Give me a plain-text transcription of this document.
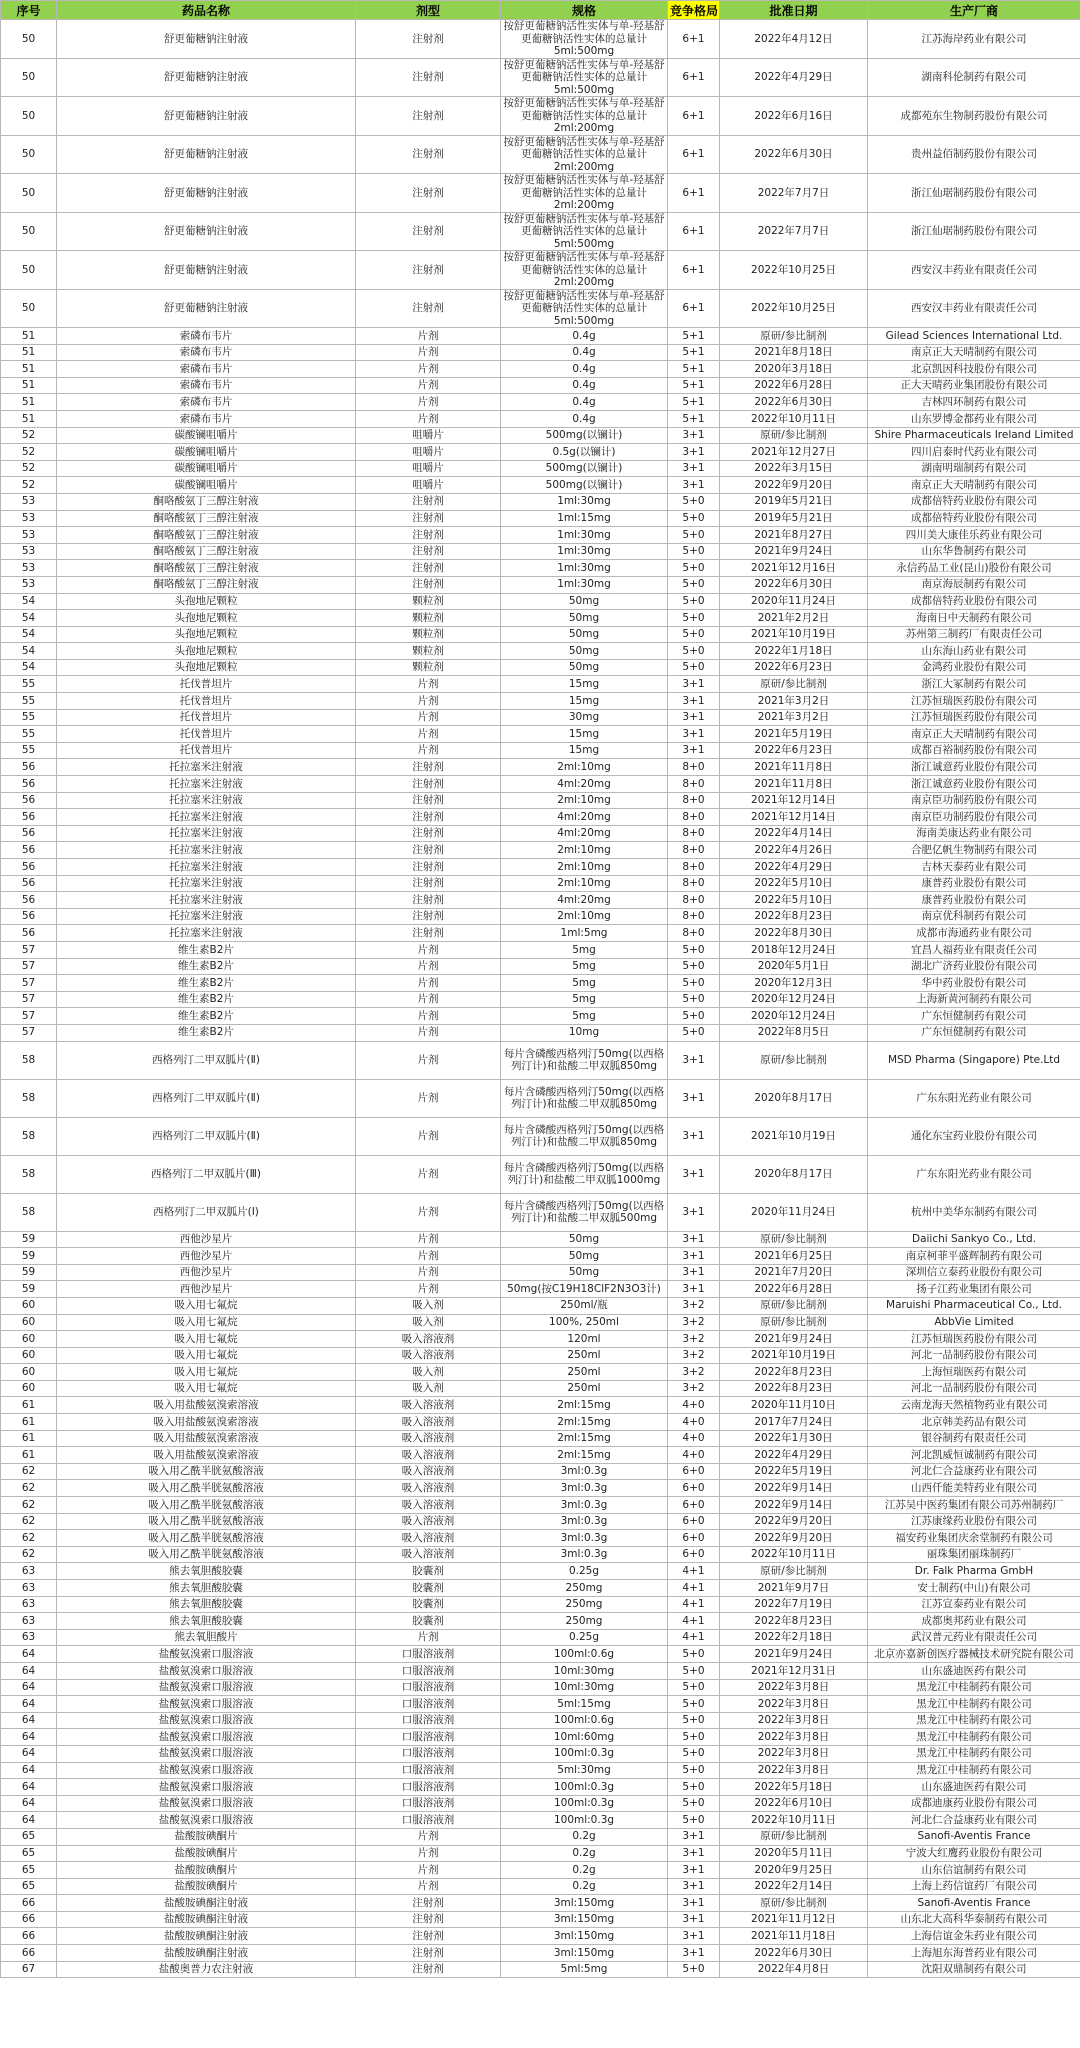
序号	药品名称	剂型	规格	竞争格局	批准日期	生产厂商
50	舒更葡糖钠注射液	注射剂	按舒更葡糖钠活性实体与单-羟基舒更葡糖钠活性实体的总量计5ml:500mg	6+1	2022年4月12日	江苏海岸药业有限公司
50	舒更葡糖钠注射液	注射剂	按舒更葡糖钠活性实体与单-羟基舒更葡糖钠活性实体的总量计5ml:500mg	6+1	2022年4月29日	湖南科伦制药有限公司
50	舒更葡糖钠注射液	注射剂	按舒更葡糖钠活性实体与单-羟基舒更葡糖钠活性实体的总量计2ml:200mg	6+1	2022年6月16日	成都苑东生物制药股份有限公司
50	舒更葡糖钠注射液	注射剂	按舒更葡糖钠活性实体与单-羟基舒更葡糖钠活性实体的总量计2ml:200mg	6+1	2022年6月30日	贵州益佰制药股份有限公司
50	舒更葡糖钠注射液	注射剂	按舒更葡糖钠活性实体与单-羟基舒更葡糖钠活性实体的总量计2ml:200mg	6+1	2022年7月7日	浙江仙琚制药股份有限公司
50	舒更葡糖钠注射液	注射剂	按舒更葡糖钠活性实体与单-羟基舒更葡糖钠活性实体的总量计5ml:500mg	6+1	2022年7月7日	浙江仙琚制药股份有限公司
50	舒更葡糖钠注射液	注射剂	按舒更葡糖钠活性实体与单-羟基舒更葡糖钠活性实体的总量计2ml:200mg	6+1	2022年10月25日	西安汉丰药业有限责任公司
50	舒更葡糖钠注射液	注射剂	按舒更葡糖钠活性实体与单-羟基舒更葡糖钠活性实体的总量计5ml:500mg	6+1	2022年10月25日	西安汉丰药业有限责任公司
51	索磷布韦片	片剂	0.4g	5+1	原研/参比制剂	Gilead Sciences International Ltd.
51	索磷布韦片	片剂	0.4g	5+1	2021年8月18日	南京正大天晴制药有限公司
51	索磷布韦片	片剂	0.4g	5+1	2020年3月18日	北京凯因科技股份有限公司
51	索磷布韦片	片剂	0.4g	5+1	2022年6月28日	正大天晴药业集团股份有限公司
51	索磷布韦片	片剂	0.4g	5+1	2022年6月30日	吉林四环制药有限公司
51	索磷布韦片	片剂	0.4g	5+1	2022年10月11日	山东罗博金都药业有限公司
52	碳酸镧咀嚼片	咀嚼片	500mg(以镧计)	3+1	原研/参比制剂	Shire Pharmaceuticals Ireland Limited
52	碳酸镧咀嚼片	咀嚼片	0.5g(以镧计)	3+1	2021年12月27日	四川启泰时代药业有限公司
52	碳酸镧咀嚼片	咀嚼片	500mg(以镧计)	3+1	2022年3月15日	湖南明瑞制药有限公司
52	碳酸镧咀嚼片	咀嚼片	500mg(以镧计)	3+1	2022年9月20日	南京正大天晴制药有限公司
53	酮咯酸氨丁三醇注射液	注射剂	1ml:30mg	5+0	2019年5月21日	成都倍特药业股份有限公司
53	酮咯酸氨丁三醇注射液	注射剂	1ml:15mg	5+0	2019年5月21日	成都倍特药业股份有限公司
53	酮咯酸氨丁三醇注射液	注射剂	1ml:30mg	5+0	2021年8月27日	四川美大康佳乐药业有限公司
53	酮咯酸氨丁三醇注射液	注射剂	1ml:30mg	5+0	2021年9月24日	山东华鲁制药有限公司
53	酮咯酸氨丁三醇注射液	注射剂	1ml:30mg	5+0	2021年12月16日	永信药品工业(昆山)股份有限公司
53	酮咯酸氨丁三醇注射液	注射剂	1ml:30mg	5+0	2022年6月30日	南京海辰制药有限公司
54	头孢地尼颗粒	颗粒剂	50mg	5+0	2020年11月24日	成都倍特药业股份有限公司
54	头孢地尼颗粒	颗粒剂	50mg	5+0	2021年2月2日	海南日中天制药有限公司
54	头孢地尼颗粒	颗粒剂	50mg	5+0	2021年10月19日	苏州第三制药厂有限责任公司
54	头孢地尼颗粒	颗粒剂	50mg	5+0	2022年1月18日	山东海山药业有限公司
54	头孢地尼颗粒	颗粒剂	50mg	5+0	2022年6月23日	金鸿药业股份有限公司
55	托伐普坦片	片剂	15mg	3+1	原研/参比制剂	浙江大冢制药有限公司
55	托伐普坦片	片剂	15mg	3+1	2021年3月2日	江苏恒瑞医药股份有限公司
55	托伐普坦片	片剂	30mg	3+1	2021年3月2日	江苏恒瑞医药股份有限公司
55	托伐普坦片	片剂	15mg	3+1	2021年5月19日	南京正大天晴制药有限公司
55	托伐普坦片	片剂	15mg	3+1	2022年6月23日	成都百裕制药股份有限公司
56	托拉塞米注射液	注射剂	2ml:10mg	8+0	2021年11月8日	浙江诚意药业股份有限公司
56	托拉塞米注射液	注射剂	4ml:20mg	8+0	2021年11月8日	浙江诚意药业股份有限公司
56	托拉塞米注射液	注射剂	2ml:10mg	8+0	2021年12月14日	南京臣功制药股份有限公司
56	托拉塞米注射液	注射剂	4ml:20mg	8+0	2021年12月14日	南京臣功制药股份有限公司
56	托拉塞米注射液	注射剂	4ml:20mg	8+0	2022年4月14日	海南美康达药业有限公司
56	托拉塞米注射液	注射剂	2ml:10mg	8+0	2022年4月26日	合肥亿帆生物制药有限公司
56	托拉塞米注射液	注射剂	2ml:10mg	8+0	2022年4月29日	吉林天泰药业有限公司
56	托拉塞米注射液	注射剂	2ml:10mg	8+0	2022年5月10日	康普药业股份有限公司
56	托拉塞米注射液	注射剂	4ml:20mg	8+0	2022年5月10日	康普药业股份有限公司
56	托拉塞米注射液	注射剂	2ml:10mg	8+0	2022年8月23日	南京优科制药有限公司
56	托拉塞米注射液	注射剂	1ml:5mg	8+0	2022年8月30日	成都市海通药业有限公司
57	维生素B2片	片剂	5mg	5+0	2018年12月24日	宜昌人福药业有限责任公司
57	维生素B2片	片剂	5mg	5+0	2020年5月1日	湖北广济药业股份有限公司
57	维生素B2片	片剂	5mg	5+0	2020年12月3日	华中药业股份有限公司
57	维生素B2片	片剂	5mg	5+0	2020年12月24日	上海新黄河制药有限公司
57	维生素B2片	片剂	5mg	5+0	2020年12月24日	广东恒健制药有限公司
57	维生素B2片	片剂	10mg	5+0	2022年8月5日	广东恒健制药有限公司
58	西格列汀二甲双胍片(Ⅱ)	片剂	每片含磷酸西格列汀50mg(以西格列汀计)和盐酸二甲双胍850mg	3+1	原研/参比制剂	MSD Pharma (Singapore) Pte.Ltd
58	西格列汀二甲双胍片(Ⅱ)	片剂	每片含磷酸西格列汀50mg(以西格列汀计)和盐酸二甲双胍850mg	3+1	2020年8月17日	广东东阳光药业有限公司
58	西格列汀二甲双胍片(Ⅱ)	片剂	每片含磷酸西格列汀50mg(以西格列汀计)和盐酸二甲双胍850mg	3+1	2021年10月19日	通化东宝药业股份有限公司
58	西格列汀二甲双胍片(Ⅲ)	片剂	每片含磷酸西格列汀50mg(以西格列汀计)和盐酸二甲双胍1000mg	3+1	2020年8月17日	广东东阳光药业有限公司
58	西格列汀二甲双胍片(Ⅰ)	片剂	每片含磷酸西格列汀50mg(以西格列汀计)和盐酸二甲双胍500mg	3+1	2020年11月24日	杭州中美华东制药有限公司
59	西他沙星片	片剂	50mg	3+1	原研/参比制剂	Daiichi Sankyo Co., Ltd.
59	西他沙星片	片剂	50mg	3+1	2021年6月25日	南京柯菲平盛辉制药有限公司
59	西他沙星片	片剂	50mg	3+1	2021年7月20日	深圳信立泰药业股份有限公司
59	西他沙星片	片剂	50mg(按C19H18ClF2N3O3计)	3+1	2022年6月28日	扬子江药业集团有限公司
60	吸入用七氟烷	吸入剂	250ml/瓶	3+2	原研/参比制剂	Maruishi Pharmaceutical Co., Ltd.
60	吸入用七氟烷	吸入剂	100%, 250ml	3+2	原研/参比制剂	AbbVie Limited
60	吸入用七氟烷	吸入溶液剂	120ml	3+2	2021年9月24日	江苏恒瑞医药股份有限公司
60	吸入用七氟烷	吸入溶液剂	250ml	3+2	2021年10月19日	河北一品制药股份有限公司
60	吸入用七氟烷	吸入剂	250ml	3+2	2022年8月23日	上海恒瑞医药有限公司
60	吸入用七氟烷	吸入剂	250ml	3+2	2022年8月23日	河北一品制药股份有限公司
61	吸入用盐酸氨溴索溶液	吸入溶液剂	2ml:15mg	4+0	2020年11月10日	云南龙海天然植物药业有限公司
61	吸入用盐酸氨溴索溶液	吸入溶液剂	2ml:15mg	4+0	2017年7月24日	北京韩美药品有限公司
61	吸入用盐酸氨溴索溶液	吸入溶液剂	2ml:15mg	4+0	2022年1月30日	银谷制药有限责任公司
61	吸入用盐酸氨溴索溶液	吸入溶液剂	2ml:15mg	4+0	2022年4月29日	河北凯威恒诚制药有限公司
62	吸入用乙酰半胱氨酸溶液	吸入溶液剂	3ml:0.3g	6+0	2022年5月19日	河北仁合益康药业有限公司
62	吸入用乙酰半胱氨酸溶液	吸入溶液剂	3ml:0.3g	6+0	2022年9月14日	山西仟能美特药业有限公司
62	吸入用乙酰半胱氨酸溶液	吸入溶液剂	3ml:0.3g	6+0	2022年9月14日	江苏吴中医药集团有限公司苏州制药厂
62	吸入用乙酰半胱氨酸溶液	吸入溶液剂	3ml:0.3g	6+0	2022年9月20日	江苏康缘药业股份有限公司
62	吸入用乙酰半胱氨酸溶液	吸入溶液剂	3ml:0.3g	6+0	2022年9月20日	福安药业集团庆余堂制药有限公司
62	吸入用乙酰半胱氨酸溶液	吸入溶液剂	3ml:0.3g	6+0	2022年10月11日	丽珠集团丽珠制药厂
63	熊去氧胆酸胶囊	胶囊剂	0.25g	4+1	原研/参比制剂	Dr. Falk Pharma GmbH
63	熊去氧胆酸胶囊	胶囊剂	250mg	4+1	2021年9月7日	安士制药(中山)有限公司
63	熊去氧胆酸胶囊	胶囊剂	250mg	4+1	2022年7月19日	江苏宣泰药业有限公司
63	熊去氧胆酸胶囊	胶囊剂	250mg	4+1	2022年8月23日	成都奥邦药业有限公司
63	熊去氧胆酸片	片剂	0.25g	4+1	2022年2月18日	武汉普元药业有限责任公司
64	盐酸氨溴索口服溶液	口服溶液剂	100ml:0.6g	5+0	2021年9月24日	北京亦嘉新创医疗器械技术研究院有限公司
64	盐酸氨溴索口服溶液	口服溶液剂	10ml:30mg	5+0	2021年12月31日	山东盛迪医药有限公司
64	盐酸氨溴索口服溶液	口服溶液剂	10ml:30mg	5+0	2022年3月8日	黑龙江中桂制药有限公司
64	盐酸氨溴索口服溶液	口服溶液剂	5ml:15mg	5+0	2022年3月8日	黑龙江中桂制药有限公司
64	盐酸氨溴索口服溶液	口服溶液剂	100ml:0.6g	5+0	2022年3月8日	黑龙江中桂制药有限公司
64	盐酸氨溴索口服溶液	口服溶液剂	10ml:60mg	5+0	2022年3月8日	黑龙江中桂制药有限公司
64	盐酸氨溴索口服溶液	口服溶液剂	100ml:0.3g	5+0	2022年3月8日	黑龙江中桂制药有限公司
64	盐酸氨溴索口服溶液	口服溶液剂	5ml:30mg	5+0	2022年3月8日	黑龙江中桂制药有限公司
64	盐酸氨溴索口服溶液	口服溶液剂	100ml:0.3g	5+0	2022年5月18日	山东盛迪医药有限公司
64	盐酸氨溴索口服溶液	口服溶液剂	100ml:0.3g	5+0	2022年6月10日	成都迪康药业股份有限公司
64	盐酸氨溴索口服溶液	口服溶液剂	100ml:0.3g	5+0	2022年10月11日	河北仁合益康药业有限公司
65	盐酸胺碘酮片	片剂	0.2g	3+1	原研/参比制剂	Sanofi-Aventis France
65	盐酸胺碘酮片	片剂	0.2g	3+1	2020年5月11日	宁波大红鹰药业股份有限公司
65	盐酸胺碘酮片	片剂	0.2g	3+1	2020年9月25日	山东信谊制药有限公司
65	盐酸胺碘酮片	片剂	0.2g	3+1	2022年2月14日	上海上药信谊药厂有限公司
66	盐酸胺碘酮注射液	注射剂	3ml:150mg	3+1	原研/参比制剂	Sanofi-Aventis France
66	盐酸胺碘酮注射液	注射剂	3ml:150mg	3+1	2021年11月12日	山东北大高科华泰制药有限公司
66	盐酸胺碘酮注射液	注射剂	3ml:150mg	3+1	2021年11月18日	上海信谊金朱药业有限公司
66	盐酸胺碘酮注射液	注射剂	3ml:150mg	3+1	2022年6月30日	上海旭东海普药业有限公司
67	盐酸奥普力农注射液	注射剂	5ml:5mg	5+0	2022年4月8日	沈阳双鼎制药有限公司
